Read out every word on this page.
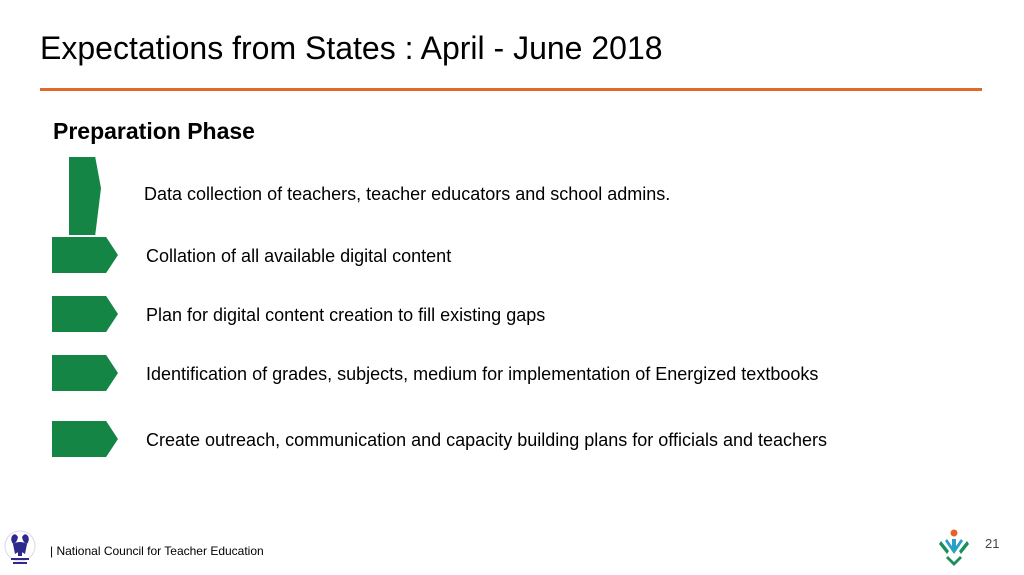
Expectations from States : April - June 2018
Preparation Phase
Data collection of teachers, teacher educators and school admins.
Collation of all available digital content
Plan for digital content creation to fill existing gaps
Identification of grades, subjects, medium for implementation of Energized textbooks
Create outreach, communication and capacity building plans for officials and teachers
| National Council for Teacher Education	21
